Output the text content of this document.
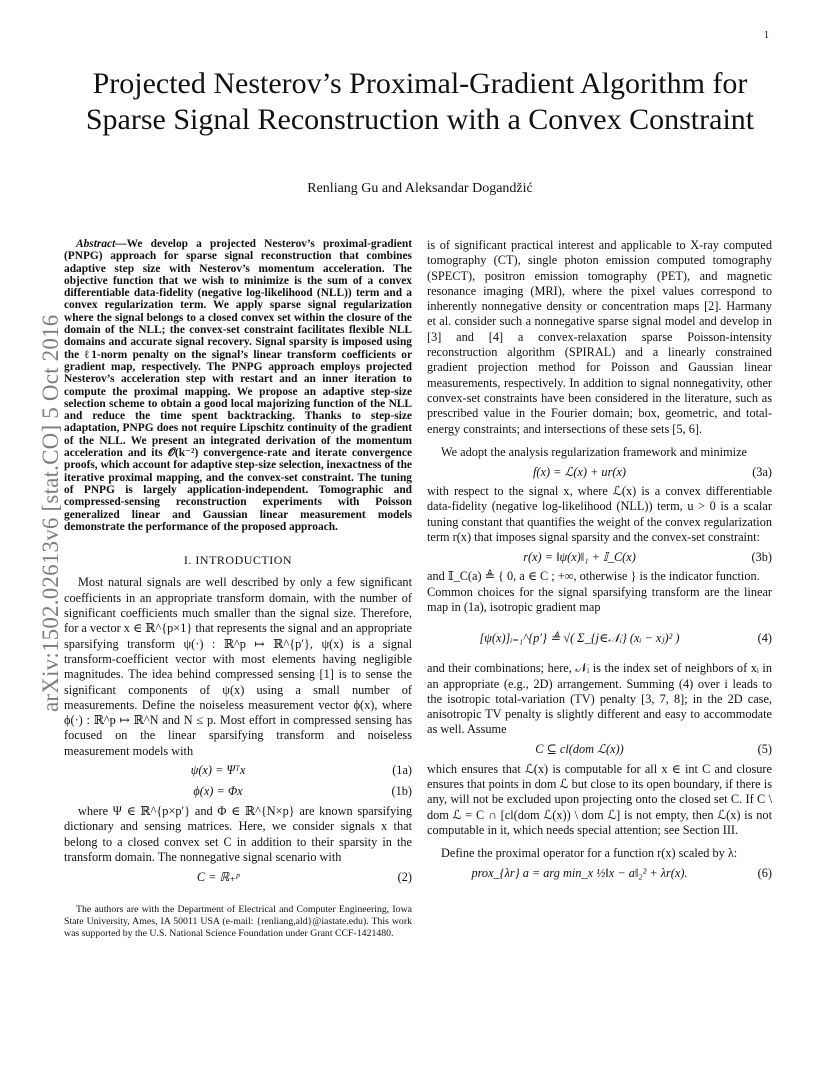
1
arXiv:1502.02613v6 [stat.CO] 5 Oct 2016
Projected Nesterov’s Proximal-Gradient Algorithm for Sparse Signal Reconstruction with a Convex Constraint
Renliang Gu and Aleksandar Dogandžić

Abstract—We develop a projected Nesterov’s proximal-gradient (PNPG) approach for sparse signal reconstruction that combines adaptive step size with Nesterov’s momentum acceleration. The objective function that we wish to minimize is the sum of a convex differentiable data-fidelity (negative log-likelihood (NLL)) term and a convex regularization term. We apply sparse signal regularization where the signal belongs to a closed convex set within the closure of the domain of the NLL; the convex-set constraint facilitates flexible NLL domains and accurate signal recovery. Signal sparsity is imposed using the ℓ1-norm penalty on the signal’s linear transform coefficients or gradient map, respectively. The PNPG approach employs projected Nesterov’s acceleration step with restart and an inner iteration to compute the proximal mapping. We propose an adaptive step-size selection scheme to obtain a good local majorizing function of the NLL and reduce the time spent backtracking. Thanks to step-size adaptation, PNPG does not require Lipschitz continuity of the gradient of the NLL. We present an integrated derivation of the momentum acceleration and its 𝒪(k⁻²) convergence-rate and iterate convergence proofs, which account for adaptive step-size selection, inexactness of the iterative proximal mapping, and the convex-set constraint. The tuning of PNPG is largely application-independent. Tomographic and compressed-sensing reconstruction experiments with Poisson generalized linear and Gaussian linear measurement models demonstrate the performance of the proposed approach.

I. INTRODUCTION

Most natural signals are well described by only a few significant coefficients in an appropriate transform domain, with the number of significant coefficients much smaller than the signal size. Therefore, for a vector x ∈ ℝ^{p×1} that represents the signal and an appropriate sparsifying transform ψ(·) : ℝ^p ↦ ℝ^{p′}, ψ(x) is a signal transform-coefficient vector with most elements having negligible magnitudes. The idea behind compressed sensing [1] is to sense the significant components of ψ(x) using a small number of measurements. Define the noiseless measurement vector ϕ(x), where ϕ(·) : ℝ^p ↦ ℝ^N and N ≤ p. Most effort in compressed sensing has focused on the linear sparsifying transform and noiseless measurement models with

ψ(x) = Ψᵀx	(1a)
ϕ(x) = Φx	(1b)

where Ψ ∈ ℝ^{p×p′} and Φ ∈ ℝ^{N×p} are known sparsifying dictionary and sensing matrices. Here, we consider signals x that belong to a closed convex set C in addition to their sparsity in the transform domain. The nonnegative signal scenario with

C = ℝ₊ᵖ	(2)

The authors are with the Department of Electrical and Computer Engineering, Iowa State University, Ames, IA 50011 USA (e-mail: {renliang,ald}@iastate.edu). This work was supported by the U.S. National Science Foundation under Grant CCF-1421480.

is of significant practical interest and applicable to X-ray computed tomography (CT), single photon emission computed tomography (SPECT), positron emission tomography (PET), and magnetic resonance imaging (MRI), where the pixel values correspond to inherently nonnegative density or concentration maps [2]. Harmany et al. consider such a nonnegative sparse signal model and develop in [3] and [4] a convex-relaxation sparse Poisson-intensity reconstruction algorithm (SPIRAL) and a linearly constrained gradient projection method for Poisson and Gaussian linear measurements, respectively. In addition to signal nonnegativity, other convex-set constraints have been considered in the literature, such as prescribed value in the Fourier domain; box, geometric, and total-energy constraints; and intersections of these sets [5, 6].

We adopt the analysis regularization framework and minimize

f(x) = ℒ(x) + ur(x)	(3a)

with respect to the signal x, where ℒ(x) is a convex differentiable data-fidelity (negative log-likelihood (NLL)) term, u > 0 is a scalar tuning constant that quantifies the weight of the convex regularization term r(x) that imposes signal sparsity and the convex-set constraint:

r(x) = ‖ψ(x)‖₁ + 𝕀_C(x)	(3b)

and 𝕀_C(a) ≜ { 0, a ∈ C ; +∞, otherwise } is the indicator function.

Common choices for the signal sparsifying transform are the linear map in (1a), isotropic gradient map

[ψ(x)]ᵢ₌₁^{p′} ≜ √( Σ_{j∈𝒩ᵢ} (xᵢ − xⱼ)² )	(4)

and their combinations; here, 𝒩ᵢ is the index set of neighbors of xᵢ in an appropriate (e.g., 2D) arrangement. Summing (4) over i leads to the isotropic total-variation (TV) penalty [3, 7, 8]; in the 2D case, anisotropic TV penalty is slightly different and easy to accommodate as well. Assume

C ⊆ cl(dom ℒ(x))	(5)

which ensures that ℒ(x) is computable for all x ∈ int C and closure ensures that points in dom ℒ but close to its open boundary, if there is any, will not be excluded upon projecting onto the closed set C. If C \ dom ℒ = C ∩ [cl(dom ℒ(x)) \ dom ℒ] is not empty, then ℒ(x) is not computable in it, which needs special attention; see Section III.

Define the proximal operator for a function r(x) scaled by λ:

prox_{λr} a = arg min_x ½‖x − a‖₂² + λr(x).	(6)
